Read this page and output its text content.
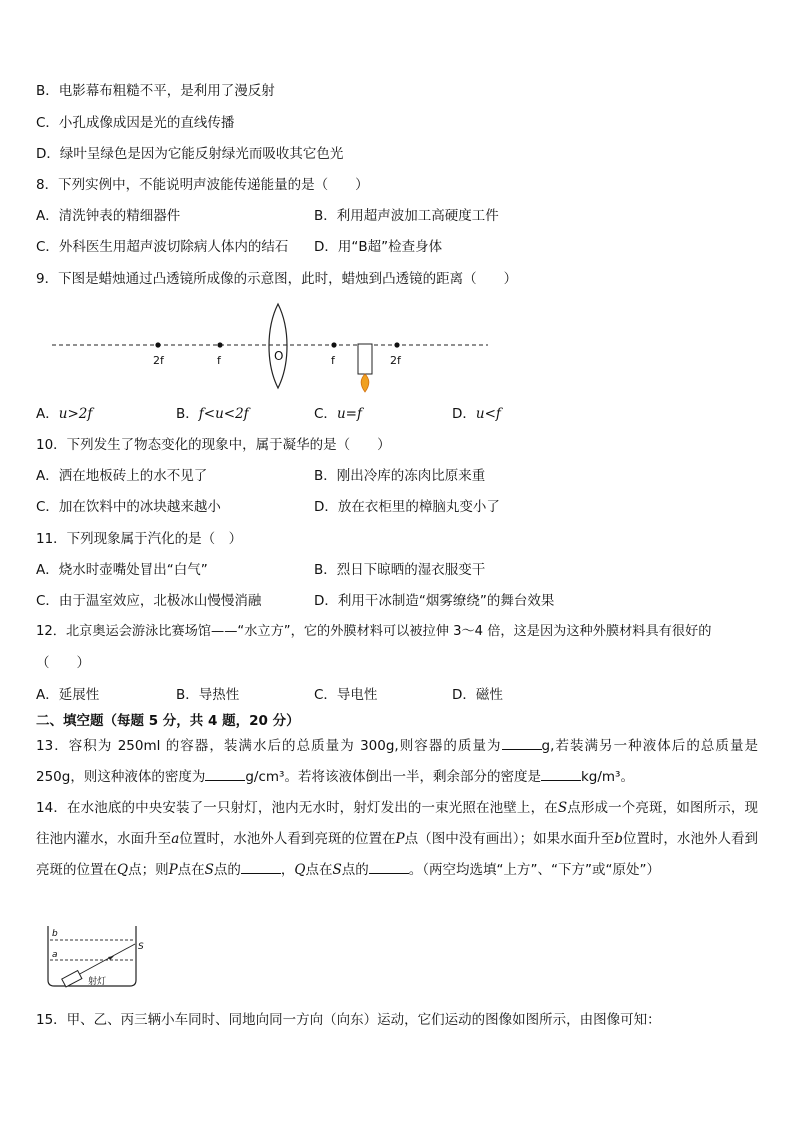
B．电影幕布粗糙不平，是利用了漫反射
C．小孔成像成因是光的直线传播
D．绿叶呈绿色是因为它能反射绿光而吸收其它色光
8．下列实例中，不能说明声波能传递能量的是（　　）
A．清洗钟表的精细器件	B．利用超声波加工高硬度工件
C．外科医生用超声波切除病人体内的结石 D．用“B超”检查身体
9．下图是蜡烛通过凸透镜所成像的示意图，此时，蜡烛到凸透镜的距离（　　）
2f	f	O	f	2f
A．u>2f	B．f<u<2f	C．u=f	D．u<f
10．下列发生了物态变化的现象中，属于凝华的是（　　）
A．洒在地板砖上的水不见了	B．刚出冷库的冻肉比原来重
C．加在饮料中的冰块越来越小	D．放在衣柜里的樟脑丸变小了
11．下列现象属于汽化的是（　）
A．烧水时壶嘴处冒出“白气”	B．烈日下晾晒的湿衣服变干
C．由于温室效应，北极冰山慢慢消融	D．利用干冰制造“烟雾缭绕”的舞台效果
12．北京奥运会游泳比赛场馆——“水立方”，它的外膜材料可以被拉伸 3～4 倍，这是因为这种外膜材料具有很好的
（　　）
A．延展性	B．导热性	C．导电性	D．磁性
二、填空题（每题 5 分，共 4 题，20 分）
13．容积为 250ml 的容器，装满水后的总质量为 300g,则容器的质量为	g,若装满另一种液体后的总质量是 250g，则这种液体的密度为	g/cm³。若将该液体倒出一半，剩余部分的密度是	kg/m³。
14．在水池底的中央安装了一只射灯，池内无水时，射灯发出的一束光照在池壁上，在S点形成一个亮斑，如图所示，现往池内灌水，水面升至a位置时，水池外人看到亮斑的位置在P点（图中没有画出）；如果水面升至b位置时，水池外人看到亮斑的位置在Q点；则P点在S点的	，Q点在S点的	。（两空均选填“上方”、“下方”或“原处”）
b
a
S
射灯
15．甲、乙、丙三辆小车同时、同地向同一方向（向东）运动，它们运动的图像如图所示，由图像可知：
